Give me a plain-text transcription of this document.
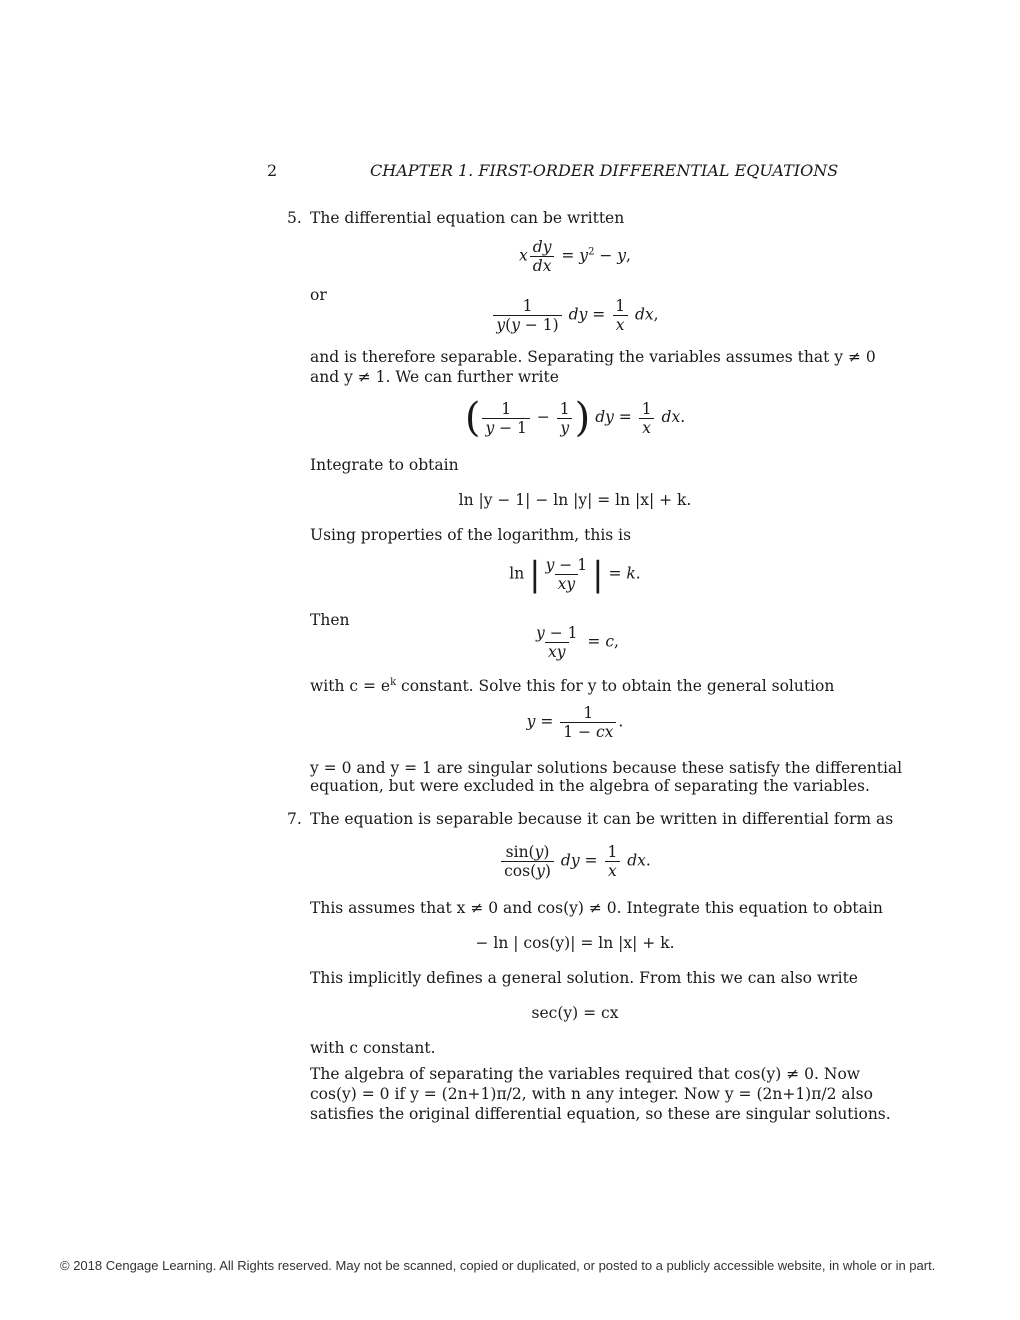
2	CHAPTER 1. FIRST-ORDER DIFFERENTIAL EQUATIONS
5. The differential equation can be written
x $\frac{dy}{dx} = y^2 - y$,
or
$\frac{1}{y(y - 1)}$ dy = $\frac{1}{x}$ dx,
and is therefore separable. Separating the variables assumes that y ≠ 0
and y ≠ 1. We can further write
( $\frac{1}{y - 1} - \frac{1}{y}$ ) dy = $\frac{1}{x}$ dx.
Integrate to obtain
ln |y − 1| − ln |y| = ln |x| + k.
Using properties of the logarithm, this is
ln | $\frac{y - 1}{xy}$ | = k.
Then
$\frac{y - 1}{xy} = c$,
with $c = e^k$ constant. Solve this for y to obtain the general solution
$y = \frac{1}{1 - cx}$ .
y = 0 and y = 1 are singular solutions because these satisfy the differential
equation, but were excluded in the algebra of separating the variables.
7. The equation is separable because it can be written in differential form as
$\frac{\sin(y)}{\cos(y)}$ dy = $\frac{1}{x}$ dx.
This assumes that x ≠ 0 and cos(y) ≠ 0. Integrate this equation to obtain
− ln | cos(y)| = ln |x| + k.
This implicitly defines a general solution. From this we can also write
sec(y) = cx
with c constant.
The algebra of separating the variables required that cos(y) ≠ 0. Now
cos(y) = 0 if y = (2n+1)π/2, with n any integer. Now y = (2n+1)π/2 also
satisfies the original differential equation, so these are singular solutions.
© 2018 Cengage Learning. All Rights reserved. May not be scanned, copied or duplicated, or posted to a publicly accessible website, in whole or in part.
